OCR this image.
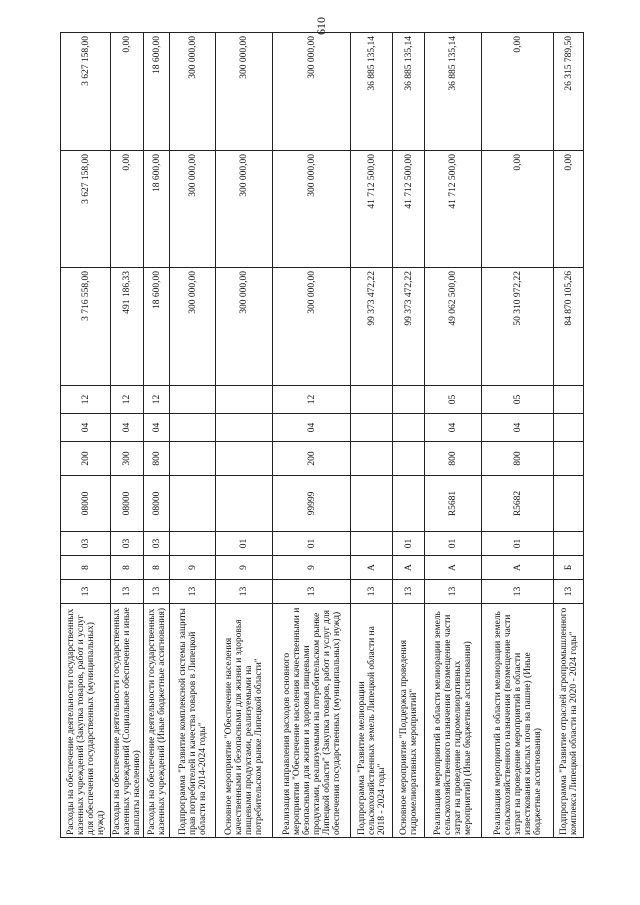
610
Расходы на обеспечение деятельности государственных казенных учреждений (Закупка товаров, работ и услуг для обеспечения государственных (муниципальных) нужд)	13	8	03	08000	200	04	12	3 716 558,00	3 627 158,00	3 627 158,00
Расходы на обеспечение деятельности государственных казенных учреждений (Социальное обеспечение и иные выплаты населению)	13	8	03	08000	300	04	12	491 186,33	0,00	0,00
Расходы на обеспечение деятельности государственных казенных учреждений (Иные бюджетные ассигнования)	13	8	03	08000	800	04	12	18 600,00	18 600,00	18 600,00
Подпрограмма "Развитие комплексной системы защиты прав потребителей и качества товаров в Липецкой области на 2014-2024 годы"	13	9						300 000,00	300 000,00	300 000,00
Основное мероприятие "Обеспечение населения качественными и безопасными для жизни и здоровья пищевыми продуктами, реализуемыми на потребительском рынке Липецкой области"	13	9	01					300 000,00	300 000,00	300 000,00
Реализация направления расходов основного мероприятия "Обеспечение населения качественными и безопасными для жизни и здоровья пищевыми продуктами, реализуемыми на потребительском рынке Липецкой области" (Закупка товаров, работ и услуг для обеспечения государственных (муниципальных) нужд)	13	9	01	99999	200	04	12	300 000,00	300 000,00	300 000,00
Подпрограмма "Развитие мелиорации сельскохозяйственных земель Липецкой области на 2018 - 2024 годы"	13	А						99 373 472,22	41 712 500,00	36 885 135,14
Основное мероприятие "Поддержка проведения гидромелиоративных мероприятий"	13	А	01					99 373 472,22	41 712 500,00	36 885 135,14
Реализация мероприятий в области мелиорации земель сельскохозяйственного назначения (возмещение части затрат на проведение гидромелиоративных мероприятий) (Иные бюджетные ассигнования)	13	А	01	R5681	800	04	05	49 062 500,00	41 712 500,00	36 885 135,14
Реализация мероприятий в области мелиорации земель сельскохозяйственного назначения (возмещение части затрат на проведение мероприятий в области известкования кислых почв на пашне) (Иные бюджетные ассигнования)	13	А	01	R5682	800	04	05	50 310 972,22	0,00	0,00
Подпрограмма "Развитие отраслей агропромышленного комплекса Липецкой области на 2020 - 2024 годы"	13	Б						84 870 105,26	0,00	26 315 789,50
